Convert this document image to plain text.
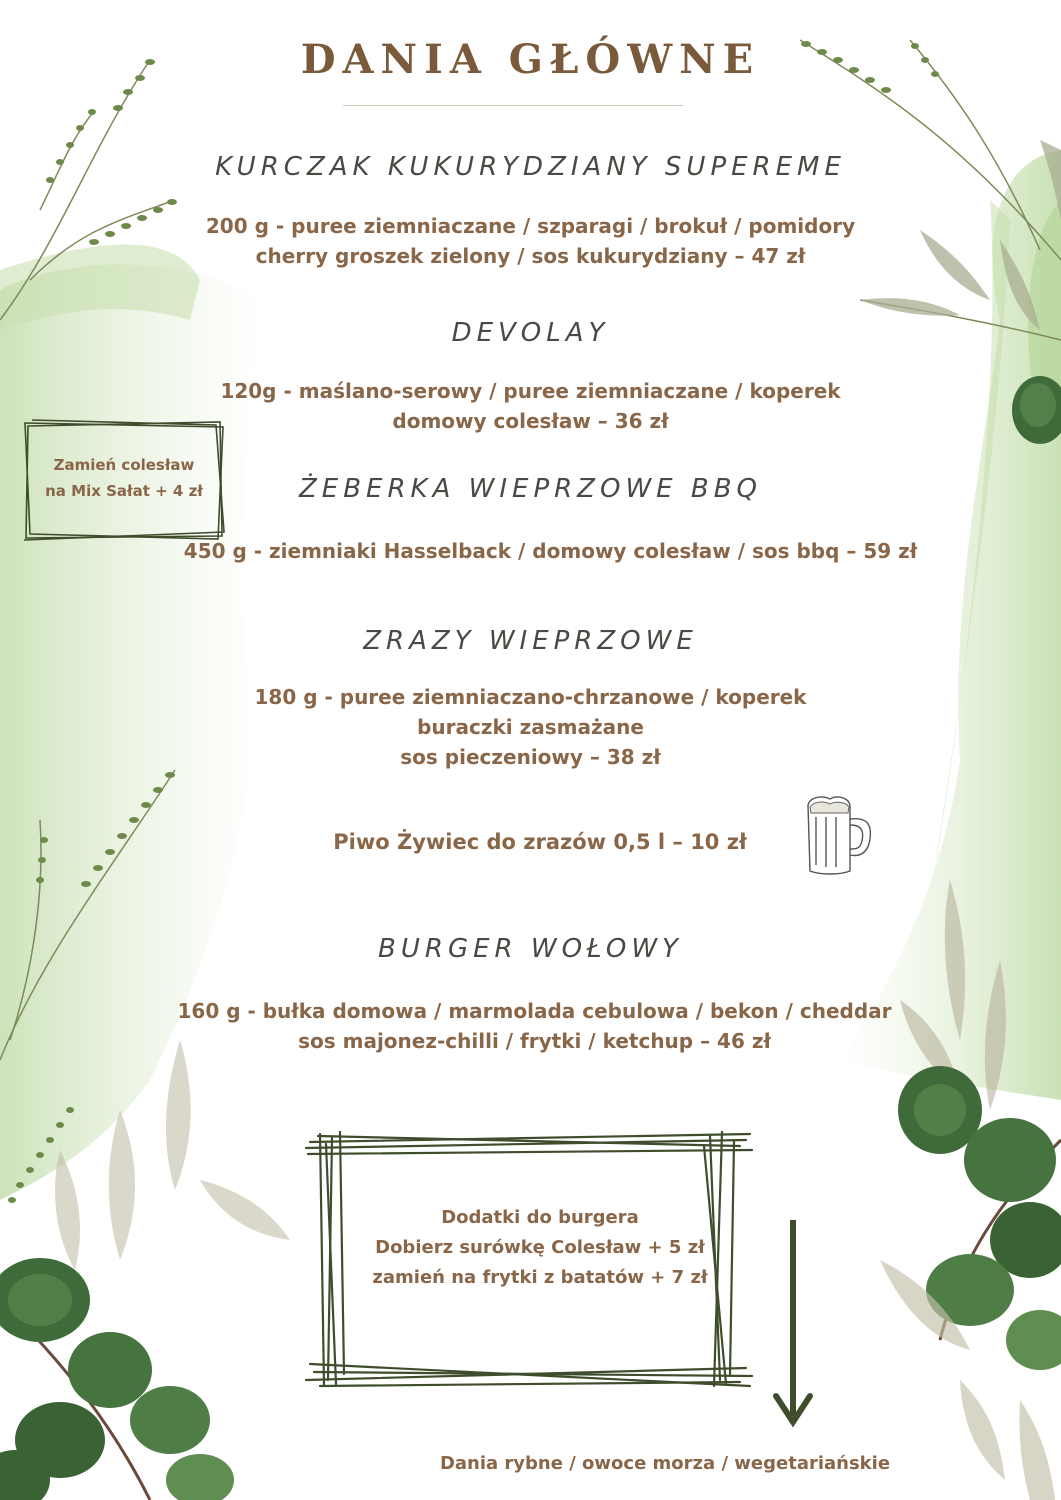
DANIA GŁÓWNE
KURCZAK KUKURYDZIANY SUPEREME
200 g - puree ziemniaczane / szparagi / brokuł / pomidory
cherry groszek zielony / sos kukurydziany – 47 zł
DEVOLAY
120g - maślano-serowy / puree ziemniaczane / koperek
domowy colesław – 36 zł
Zamień colesław
na Mix Sałat + 4 zł	ŻEBERKA WIEPRZOWE BBQ
450 g - ziemniaki Hasselback / domowy colesław / sos bbq – 59 zł
ZRAZY WIEPRZOWE
180 g - puree ziemniaczano-chrzanowe / koperek
buraczki zasmażane
sos pieczeniowy – 38 zł
Piwo Żywiec do zrazów 0,5 l – 10 zł
BURGER WOŁOWY
160 g - bułka domowa / marmolada cebulowa / bekon / cheddar
sos majonez-chilli / frytki / ketchup – 46 zł
Dodatki do burgera
Dobierz surówkę Colesław + 5 zł
zamień na frytki z batatów + 7 zł
Dania rybne / owoce morza / wegetariańskie
